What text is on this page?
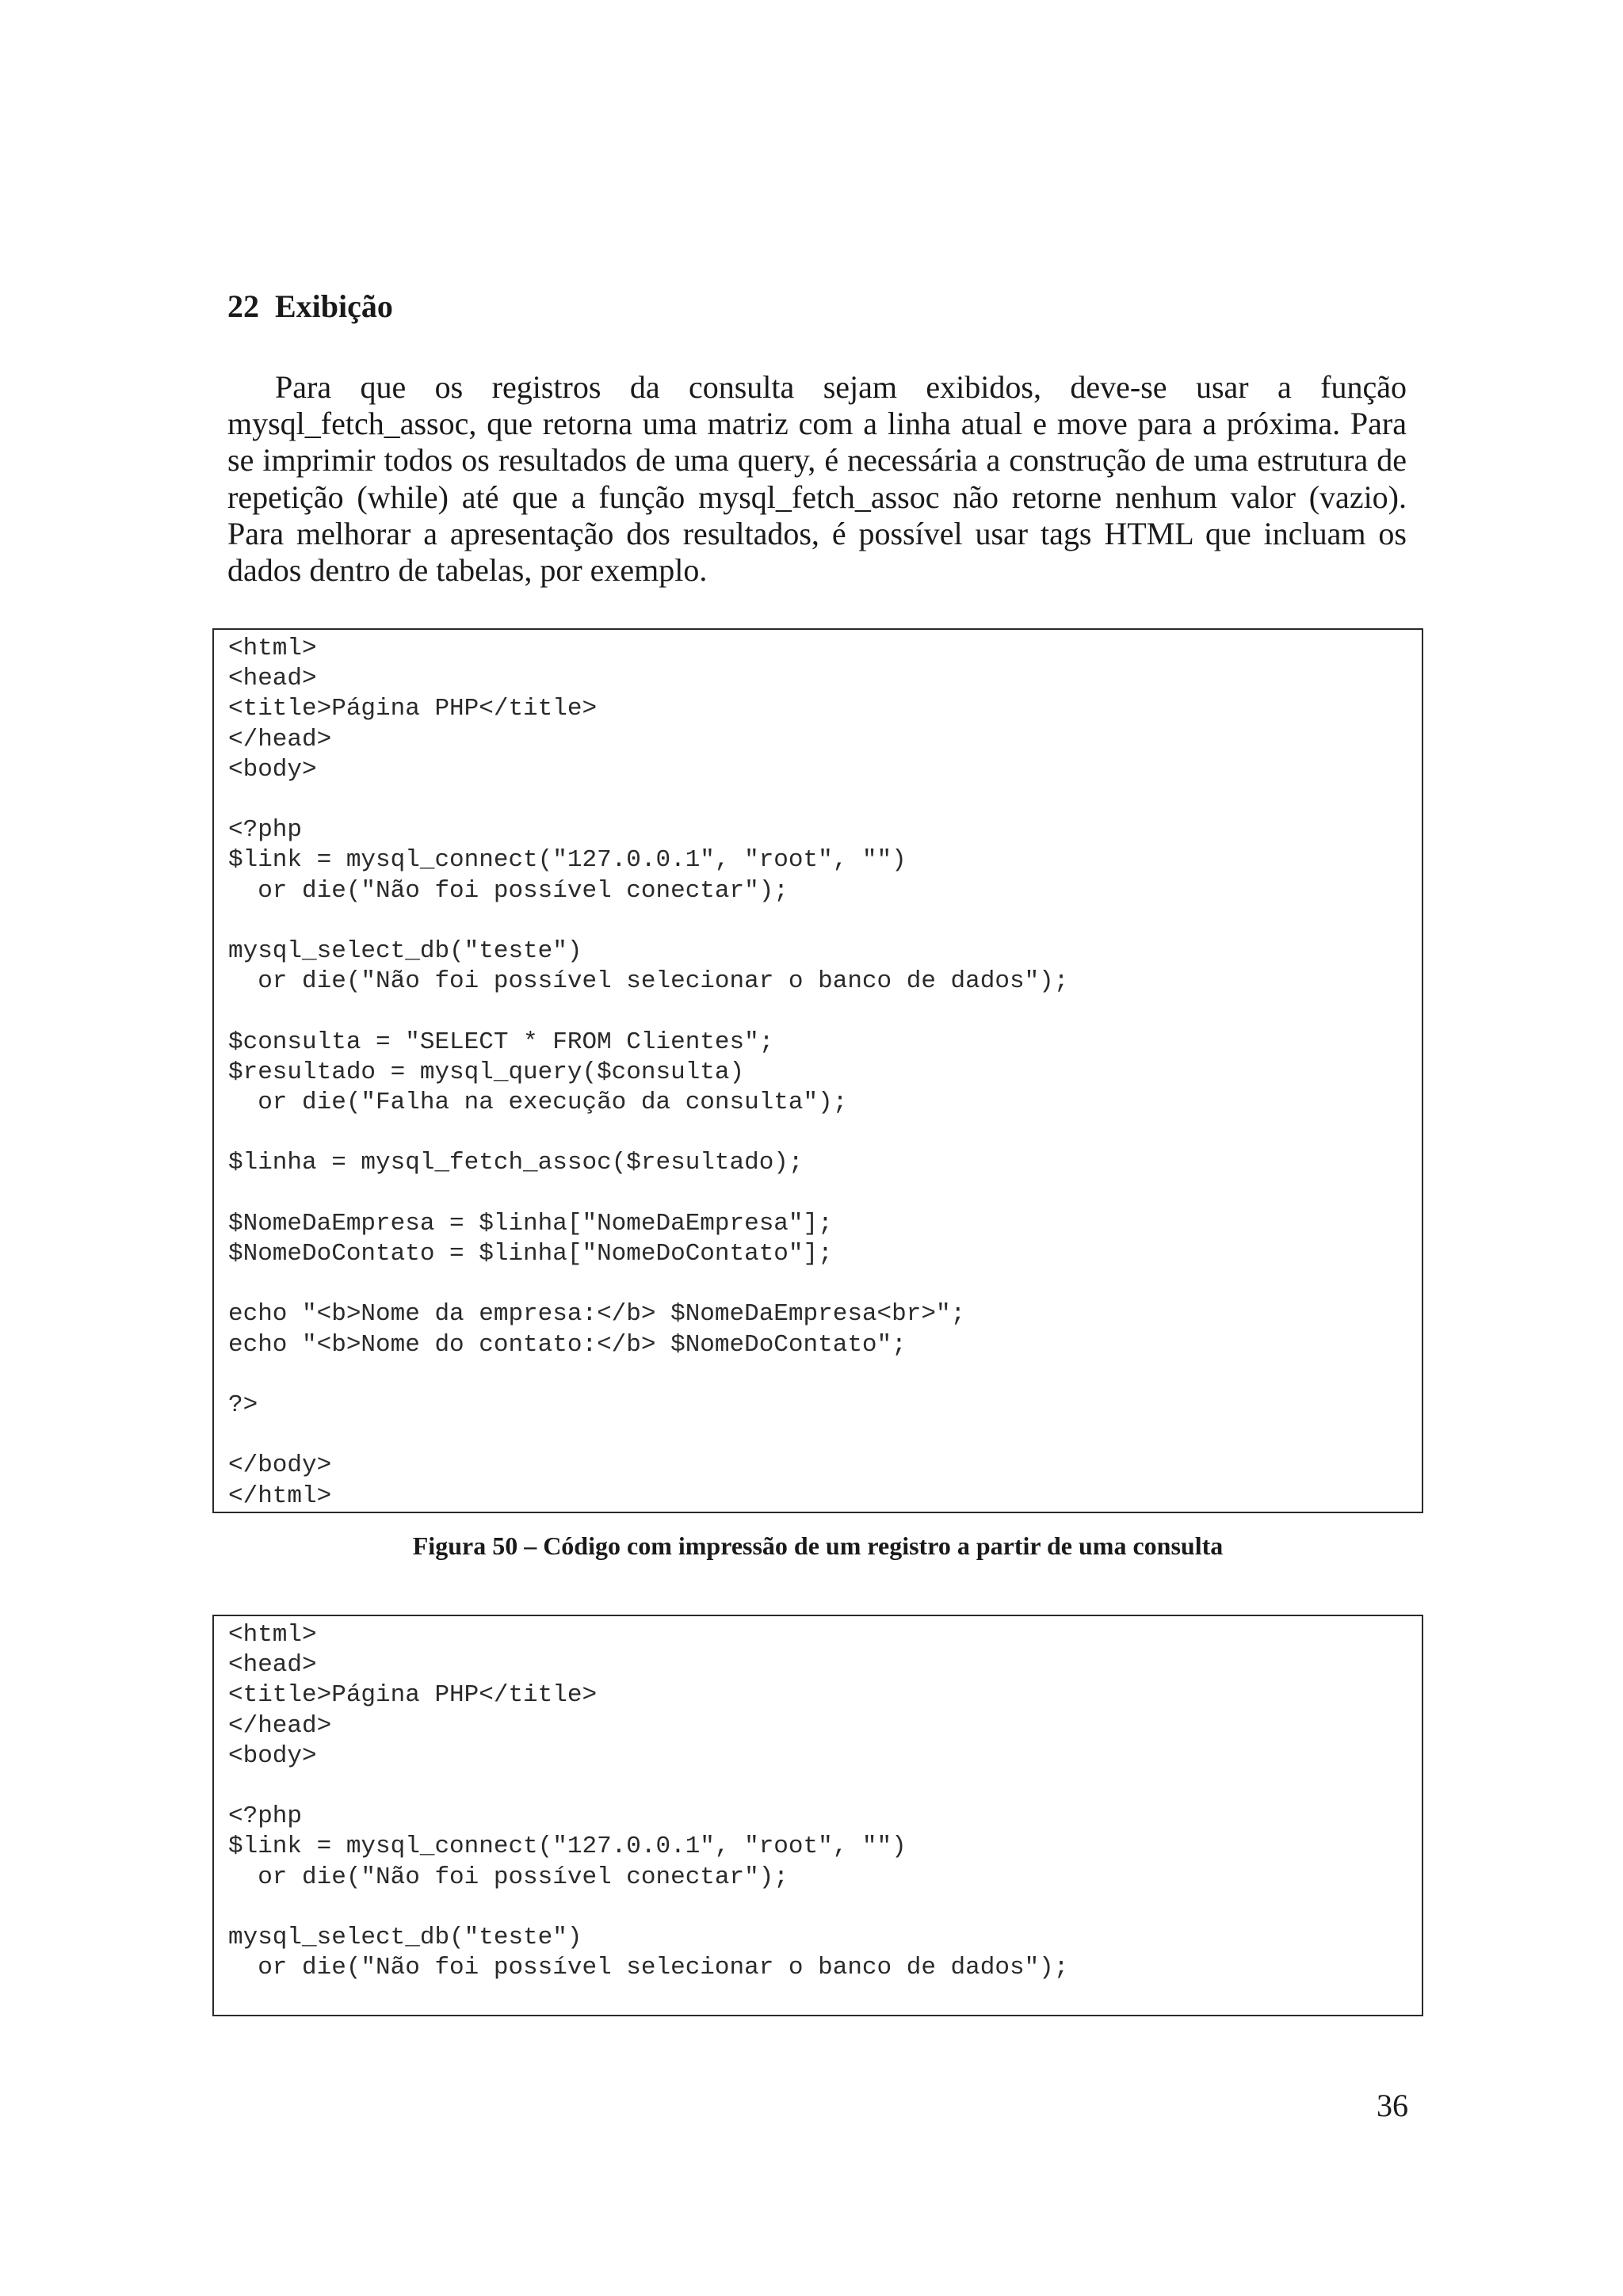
22  Exibição

Para que os registros da consulta sejam exibidos, deve-se usar a função mysql_fetch_assoc, que retorna uma matriz com a linha atual e move para a próxima. Para se imprimir todos os resultados de uma query, é necessária a construção de uma estrutura de repetição (while) até que a função mysql_fetch_assoc não retorne nenhum valor (vazio). Para melhorar a apresentação dos resultados, é possível usar tags HTML que incluam os dados dentro de tabelas, por exemplo.

<html>
<head>
<title>Página PHP</title>
</head>
<body>

<?php
$link = mysql_connect("127.0.0.1", "root", "")
or die("Não foi possível conectar");

mysql_select_db("teste")
or die("Não foi possível selecionar o banco de dados");

$consulta = "SELECT * FROM Clientes";
$resultado = mysql_query($consulta)
or die("Falha na execução da consulta");

$linha = mysql_fetch_assoc($resultado);

$NomeDaEmpresa = $linha["NomeDaEmpresa"];
$NomeDoContato = $linha["NomeDoContato"];

echo "<b>Nome da empresa:</b> $NomeDaEmpresa<br>";
echo "<b>Nome do contato:</b> $NomeDoContato";

?>

</body>
</html>

Figura 50 – Código com impressão de um registro a partir de uma consulta

<html>
<head>
<title>Página PHP</title>
</head>
<body>

<?php
$link = mysql_connect("127.0.0.1", "root", "")
or die("Não foi possível conectar");

mysql_select_db("teste")
or die("Não foi possível selecionar o banco de dados");

36
